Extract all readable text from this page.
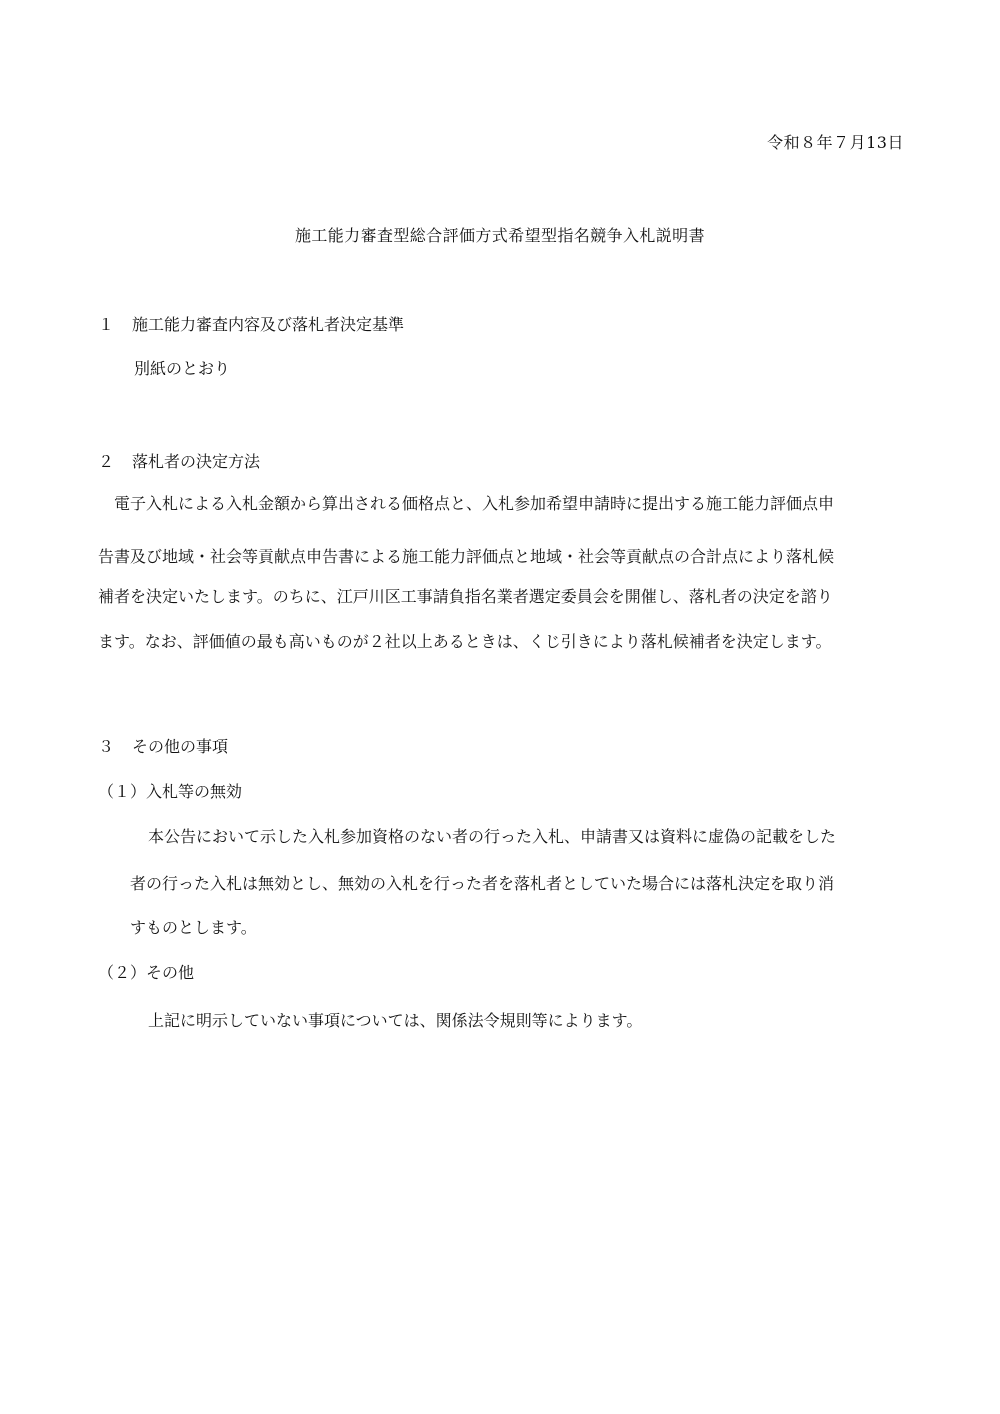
令和８年７月13日
施工能力審査型総合評価方式希望型指名競争入札説明書
１ 施工能力審査内容及び落札者決定基準
別紙のとおり
２ 落札者の決定方法
電子入札による入札金額から算出される価格点と、入札参加希望申請時に提出する施工能力評価点申
告書及び地域・社会等貢献点申告書による施工能力評価点と地域・社会等貢献点の合計点により落札候
補者を決定いたします。のちに、江戸川区工事請負指名業者選定委員会を開催し、落札者の決定を諮り
ます。なお、評価値の最も高いものが２社以上あるときは、くじ引きにより落札候補者を決定します。
３ その他の事項
（１）入札等の無効
本公告において示した入札参加資格のない者の行った入札、申請書又は資料に虚偽の記載をした
者の行った入札は無効とし、無効の入札を行った者を落札者としていた場合には落札決定を取り消
すものとします。
（２）その他
上記に明示していない事項については、関係法令規則等によります。
